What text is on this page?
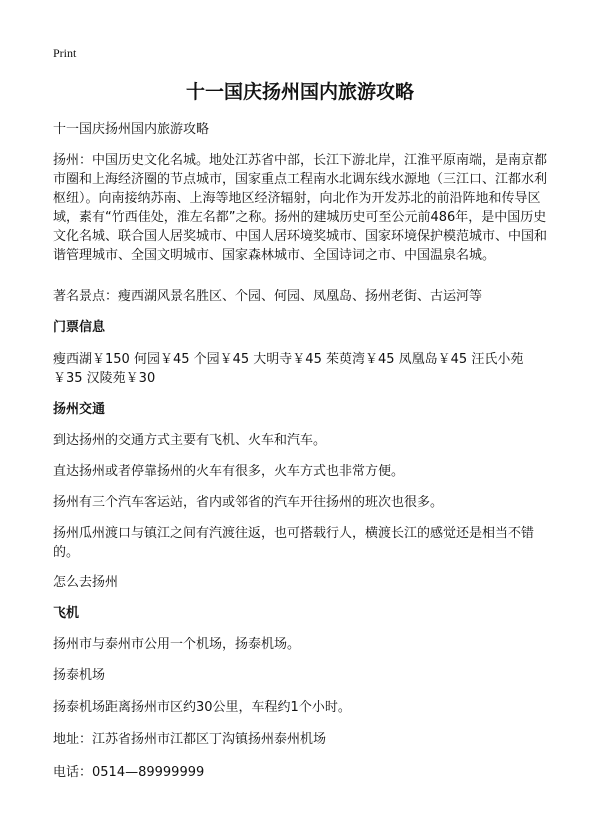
Print
十一国庆扬州国内旅游攻略

十一国庆扬州国内旅游攻略

扬州：中国历史文化名城。地处江苏省中部，长江下游北岸，江淮平原南端，是南京都市圈和上海经济圈的节点城市，国家重点工程南水北调东线水源地（三江口、江都水利枢纽）。向南接纳苏南、上海等地区经济辐射，向北作为开发苏北的前沿阵地和传导区域，素有“竹西佳处，淮左名都”之称。扬州的建城历史可至公元前486年，是中国历史文化名城、联合国人居奖城市、中国人居环境奖城市、国家环境保护模范城市、中国和谐管理城市、全国文明城市、国家森林城市、全国诗词之市、中国温泉名城。

著名景点：瘦西湖风景名胜区、个园、何园、凤凰岛、扬州老街、古运河等

门票信息

瘦西湖￥150 何园￥45 个园￥45 大明寺￥45 茱萸湾￥45 凤凰岛￥45 汪氏小苑￥35 汉陵苑￥30

扬州交通

到达扬州的交通方式主要有飞机、火车和汽车。

直达扬州或者停靠扬州的火车有很多，火车方式也非常方便。

扬州有三个汽车客运站，省内或邻省的汽车开往扬州的班次也很多。

扬州瓜州渡口与镇江之间有汽渡往返，也可搭载行人，横渡长江的感觉还是相当不错的。

怎么去扬州

飞机

扬州市与泰州市公用一个机场，扬泰机场。

扬泰机场

扬泰机场距离扬州市区约30公里，车程约1个小时。

地址：江苏省扬州市江都区丁沟镇扬州泰州机场

电话：0514—89999999
